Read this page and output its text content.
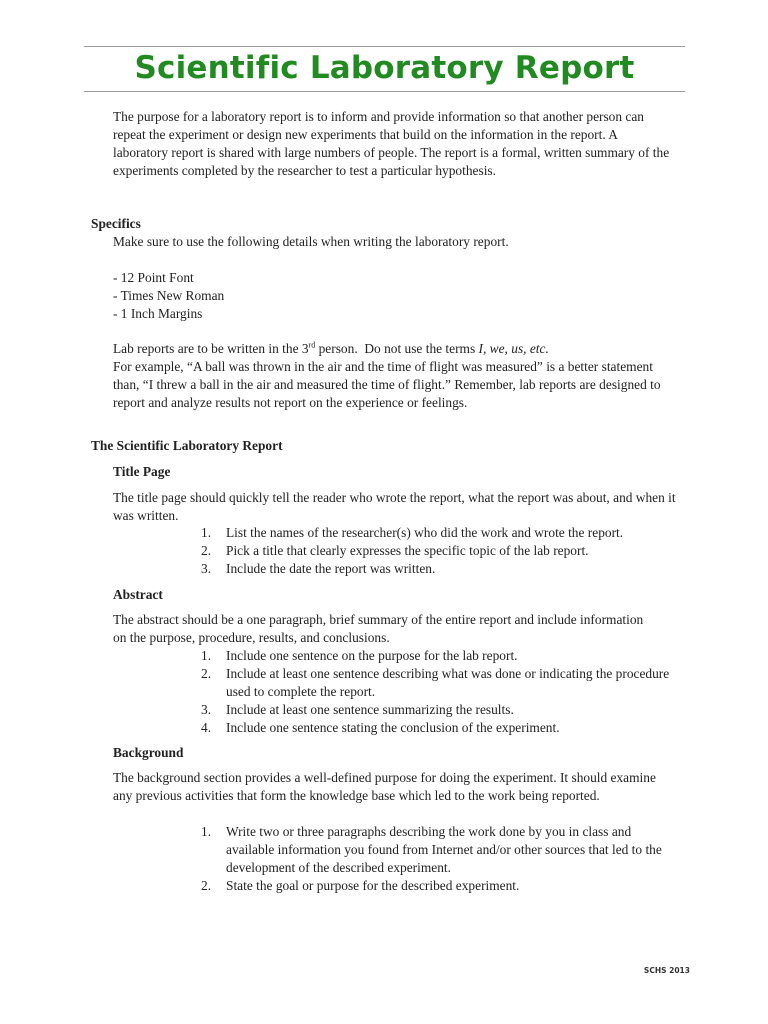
Scientific Laboratory Report

The purpose for a laboratory report is to inform and provide information so that another person can repeat the experiment or design new experiments that build on the information in the report. A laboratory report is shared with large numbers of people. The report is a formal, written summary of the experiments completed by the researcher to test a particular hypothesis.

Specifics

Make sure to use the following details when writing the laboratory report.

- 12 Point Font

- Times New Roman

- 1 Inch Margins

Lab reports are to be written in the 3rd person.  Do not use the terms I, we, us, etc.

For example, “A ball was thrown in the air and the time of flight was measured” is a better statement than, “I threw a ball in the air and measured the time of flight.” Remember, lab reports are designed to report and analyze results not report on the experience or feelings.

The Scientific Laboratory Report

Title Page

The title page should quickly tell the reader who wrote the report, what the report was about, and when it was written.

1. List the names of the researcher(s) who did the work and wrote the report.
2. Pick a title that clearly expresses the specific topic of the lab report.
3. Include the date the report was written.

Abstract

The abstract should be a one paragraph, brief summary of the entire report and include information on the purpose, procedure, results, and conclusions.

1. Include one sentence on the purpose for the lab report.
2. Include at least one sentence describing what was done or indicating the procedure used to complete the report.
3. Include at least one sentence summarizing the results.
4. Include one sentence stating the conclusion of the experiment.

Background

The background section provides a well-defined purpose for doing the experiment. It should examine any previous activities that form the knowledge base which led to the work being reported.

1. Write two or three paragraphs describing the work done by you in class and available information you found from Internet and/or other sources that led to the development of the described experiment.
2. State the goal or purpose for the described experiment.
SCHS 2013
